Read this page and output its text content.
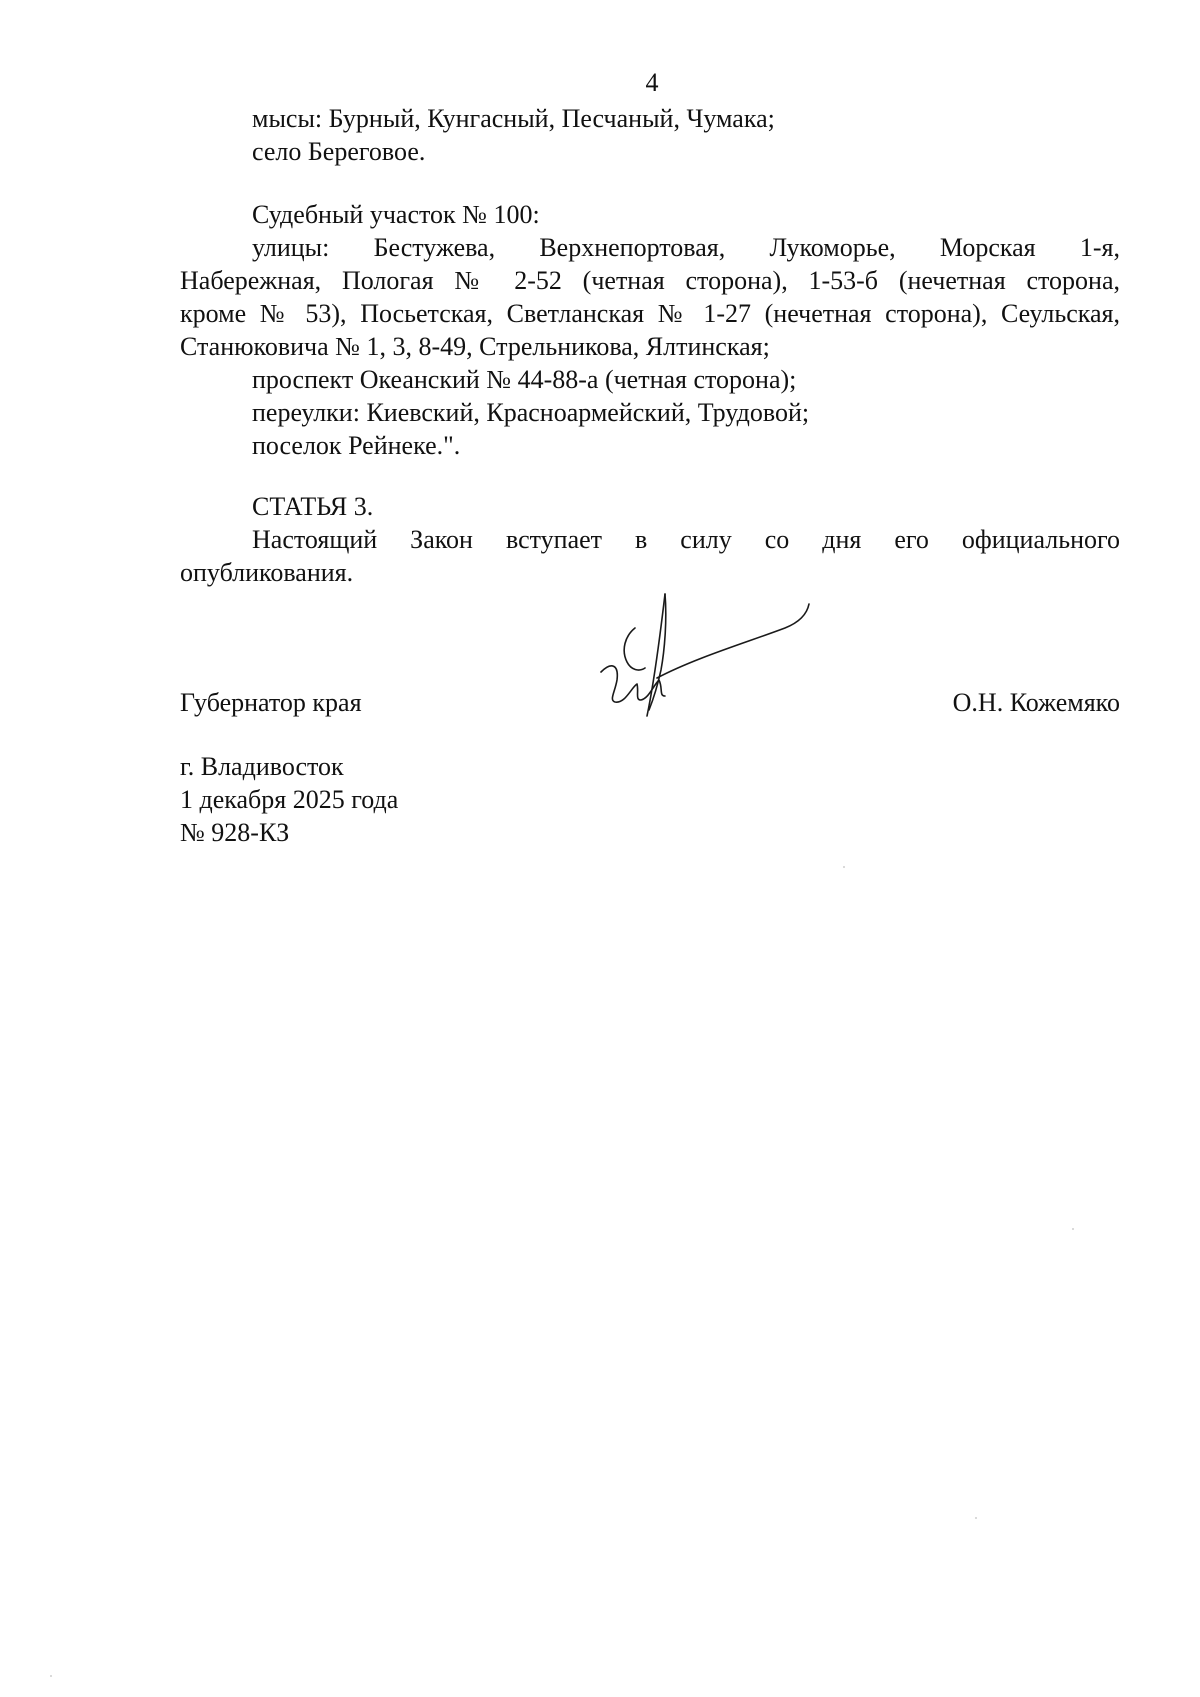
4
мысы: Бурный, Кунгасный, Песчаный, Чумака;
село Береговое.
Судебный участок № 100:
улицы: Бестужева, Верхнепортовая, Лукоморье, Морская 1-я,
Набережная, Пологая № 2-52 (четная сторона), 1-53-б (нечетная сторона,
кроме № 53), Посьетская, Светланская № 1-27 (нечетная сторона), Сеульская,
Станюковича № 1, 3, 8-49, Стрельникова, Ялтинская;
проспект Океанский № 44-88-а (четная сторона);
переулки: Киевский, Красноармейский, Трудовой;
поселок Рейнеке.".
СТАТЬЯ 3.
Настоящий Закон вступает в силу со дня его официального
опубликования.
Губернатор края	О.Н. Кожемяко
г. Владивосток
1 декабря 2025 года
№ 928-КЗ
